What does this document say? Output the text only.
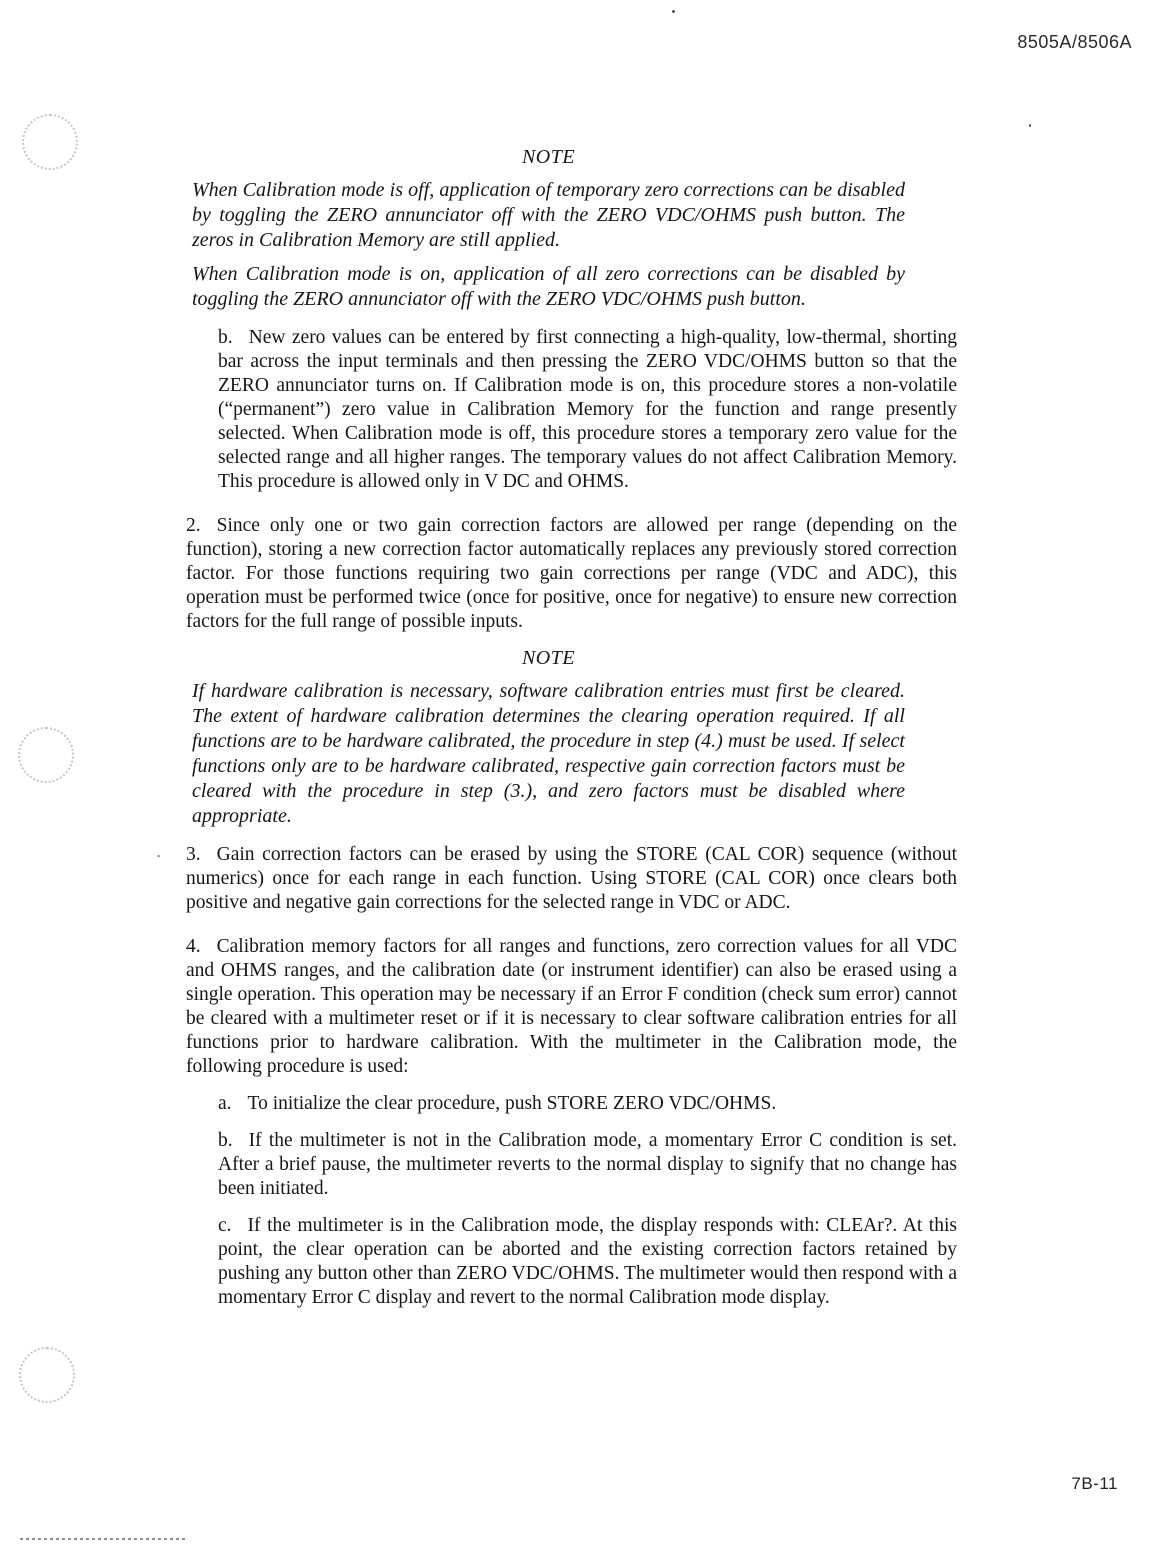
8505A/8506A
NOTE

When Calibration mode is off, application of temporary zero corrections can be disabled by toggling the ZERO annunciator off with the ZERO VDC/OHMS push button. The zeros in Calibration Memory are still applied.

When Calibration mode is on, application of all zero corrections can be disabled by toggling the ZERO annunciator off with the ZERO VDC/OHMS push button.

b. New zero values can be entered by first connecting a high-quality, low-thermal, shorting bar across the input terminals and then pressing the ZERO VDC/OHMS button so that the ZERO annunciator turns on. If Calibration mode is on, this procedure stores a non-volatile (“permanent”) zero value in Calibration Memory for the function and range presently selected. When Calibration mode is off, this procedure stores a temporary zero value for the selected range and all higher ranges. The temporary values do not affect Calibration Memory. This procedure is allowed only in V DC and OHMS.

2. Since only one or two gain correction factors are allowed per range (depending on the function), storing a new correction factor automatically replaces any previously stored correction factor. For those functions requiring two gain corrections per range (VDC and ADC), this operation must be performed twice (once for positive, once for negative) to ensure new correction factors for the full range of possible inputs.

NOTE

If hardware calibration is necessary, software calibration entries must first be cleared. The extent of hardware calibration determines the clearing operation required. If all functions are to be hardware calibrated, the procedure in step (4.) must be used. If select functions only are to be hardware calibrated, respective gain correction factors must be cleared with the procedure in step (3.), and zero factors must be disabled where appropriate.

3. Gain correction factors can be erased by using the STORE (CAL COR) sequence (without numerics) once for each range in each function. Using STORE (CAL COR) once clears both positive and negative gain corrections for the selected range in VDC or ADC.

4. Calibration memory factors for all ranges and functions, zero correction values for all VDC and OHMS ranges, and the calibration date (or instrument identifier) can also be erased using a single operation. This operation may be necessary if an Error F condition (check sum error) cannot be cleared with a multimeter reset or if it is necessary to clear software calibration entries for all functions prior to hardware calibration. With the multimeter in the Calibration mode, the following procedure is used:

a. To initialize the clear procedure, push STORE ZERO VDC/OHMS.

b. If the multimeter is not in the Calibration mode, a momentary Error C condition is set. After a brief pause, the multimeter reverts to the normal display to signify that no change has been initiated.

c. If the multimeter is in the Calibration mode, the display responds with: CLEAr?. At this point, the clear operation can be aborted and the existing correction factors retained by pushing any button other than ZERO VDC/OHMS. The multimeter would then respond with a momentary Error C display and revert to the normal Calibration mode display.

7B-11
